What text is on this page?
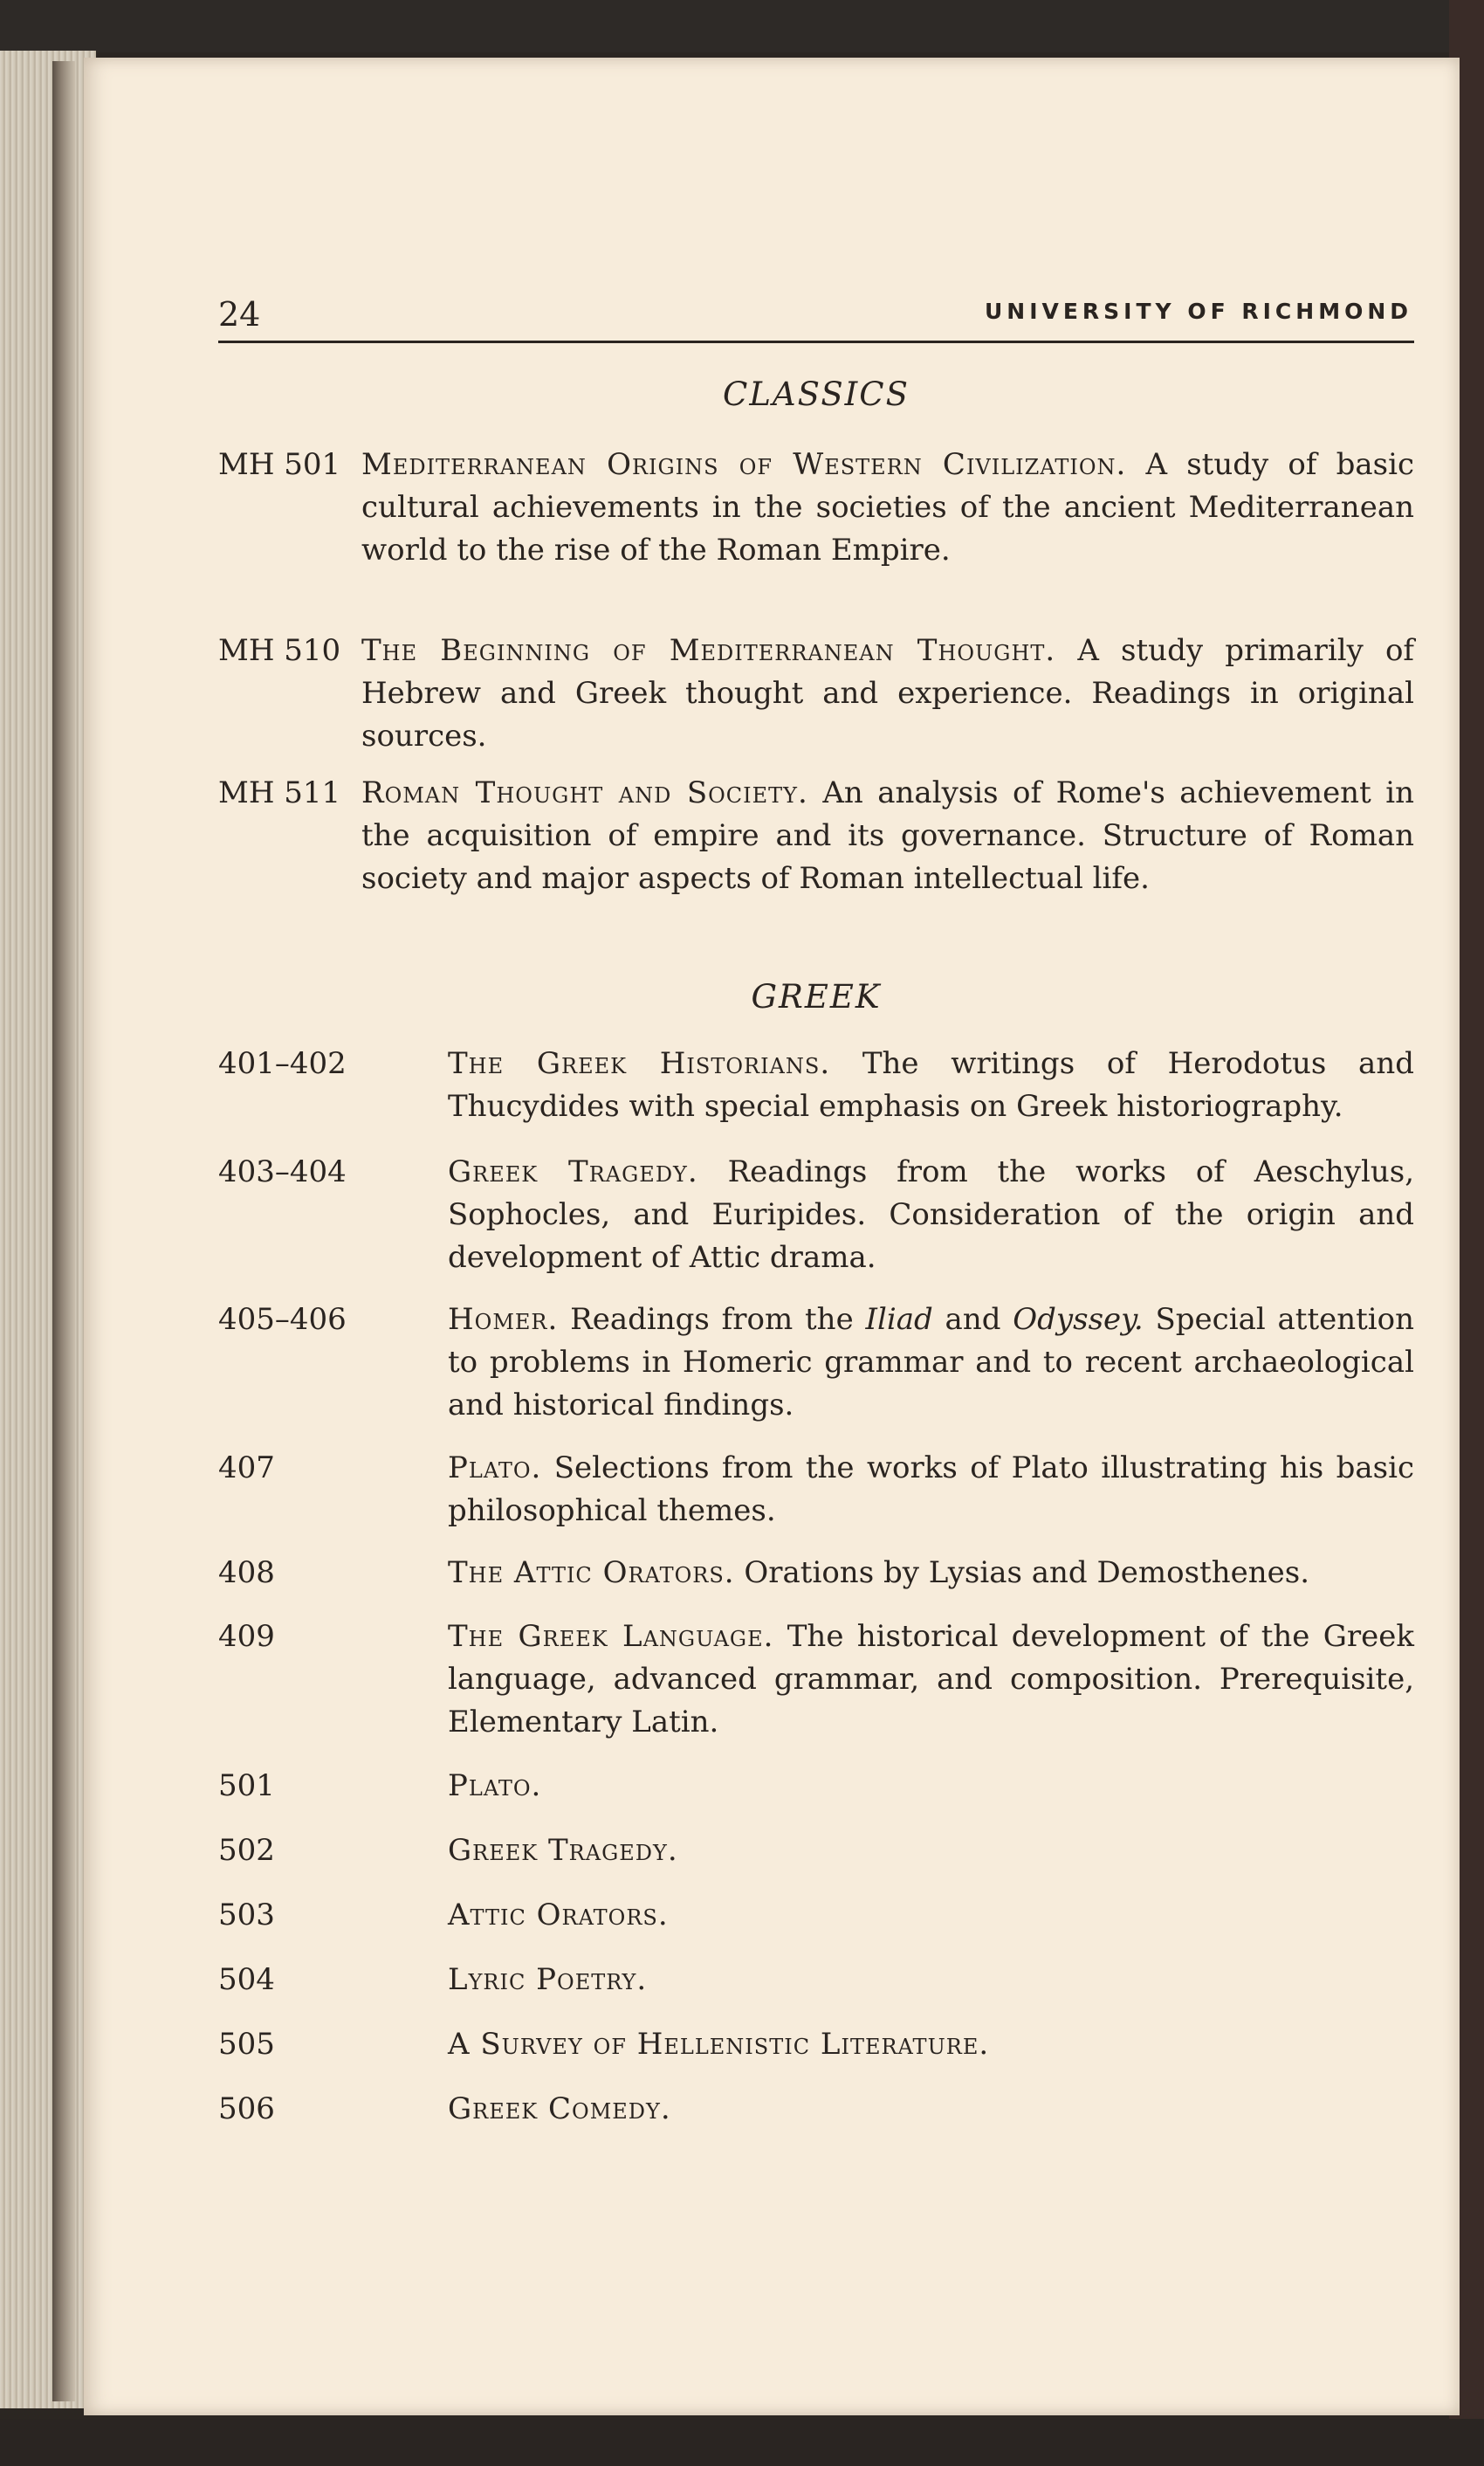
24	UNIVERSITY OF RICHMOND
CLASSICS
MH 501 Mediterranean Origins of Western Civilization. A study of basic cultural achievements in the societies of the ancient Mediterranean world to the rise of the Roman Empire.
MH 510 The Beginning of Mediterranean Thought. A study primarily of Hebrew and Greek thought and experience. Readings in original sources.
MH 511 Roman Thought and Society. An analysis of Rome's achievement in the acquisition of empire and its governance. Structure of Roman society and major aspects of Roman intellectual life.
GREEK
401–402	The Greek Historians. The writings of Herodotus and Thucydides with special emphasis on Greek historiography.
403–404	Greek Tragedy. Readings from the works of Aeschylus, Sophocles, and Euripides. Consideration of the origin and development of Attic drama.
405–406	Homer. Readings from the Iliad and Odyssey. Special attention to problems in Homeric grammar and to recent archaeological and historical findings.
407	Plato. Selections from the works of Plato illustrating his basic philosophical themes.
408	The Attic Orators. Orations by Lysias and Demosthenes.
409	The Greek Language. The historical development of the Greek language, advanced grammar, and composition. Prerequisite, Elementary Latin.
501	Plato.
502	Greek Tragedy.
503	Attic Orators.
504	Lyric Poetry.
505	A Survey of Hellenistic Literature.
506	Greek Comedy.
